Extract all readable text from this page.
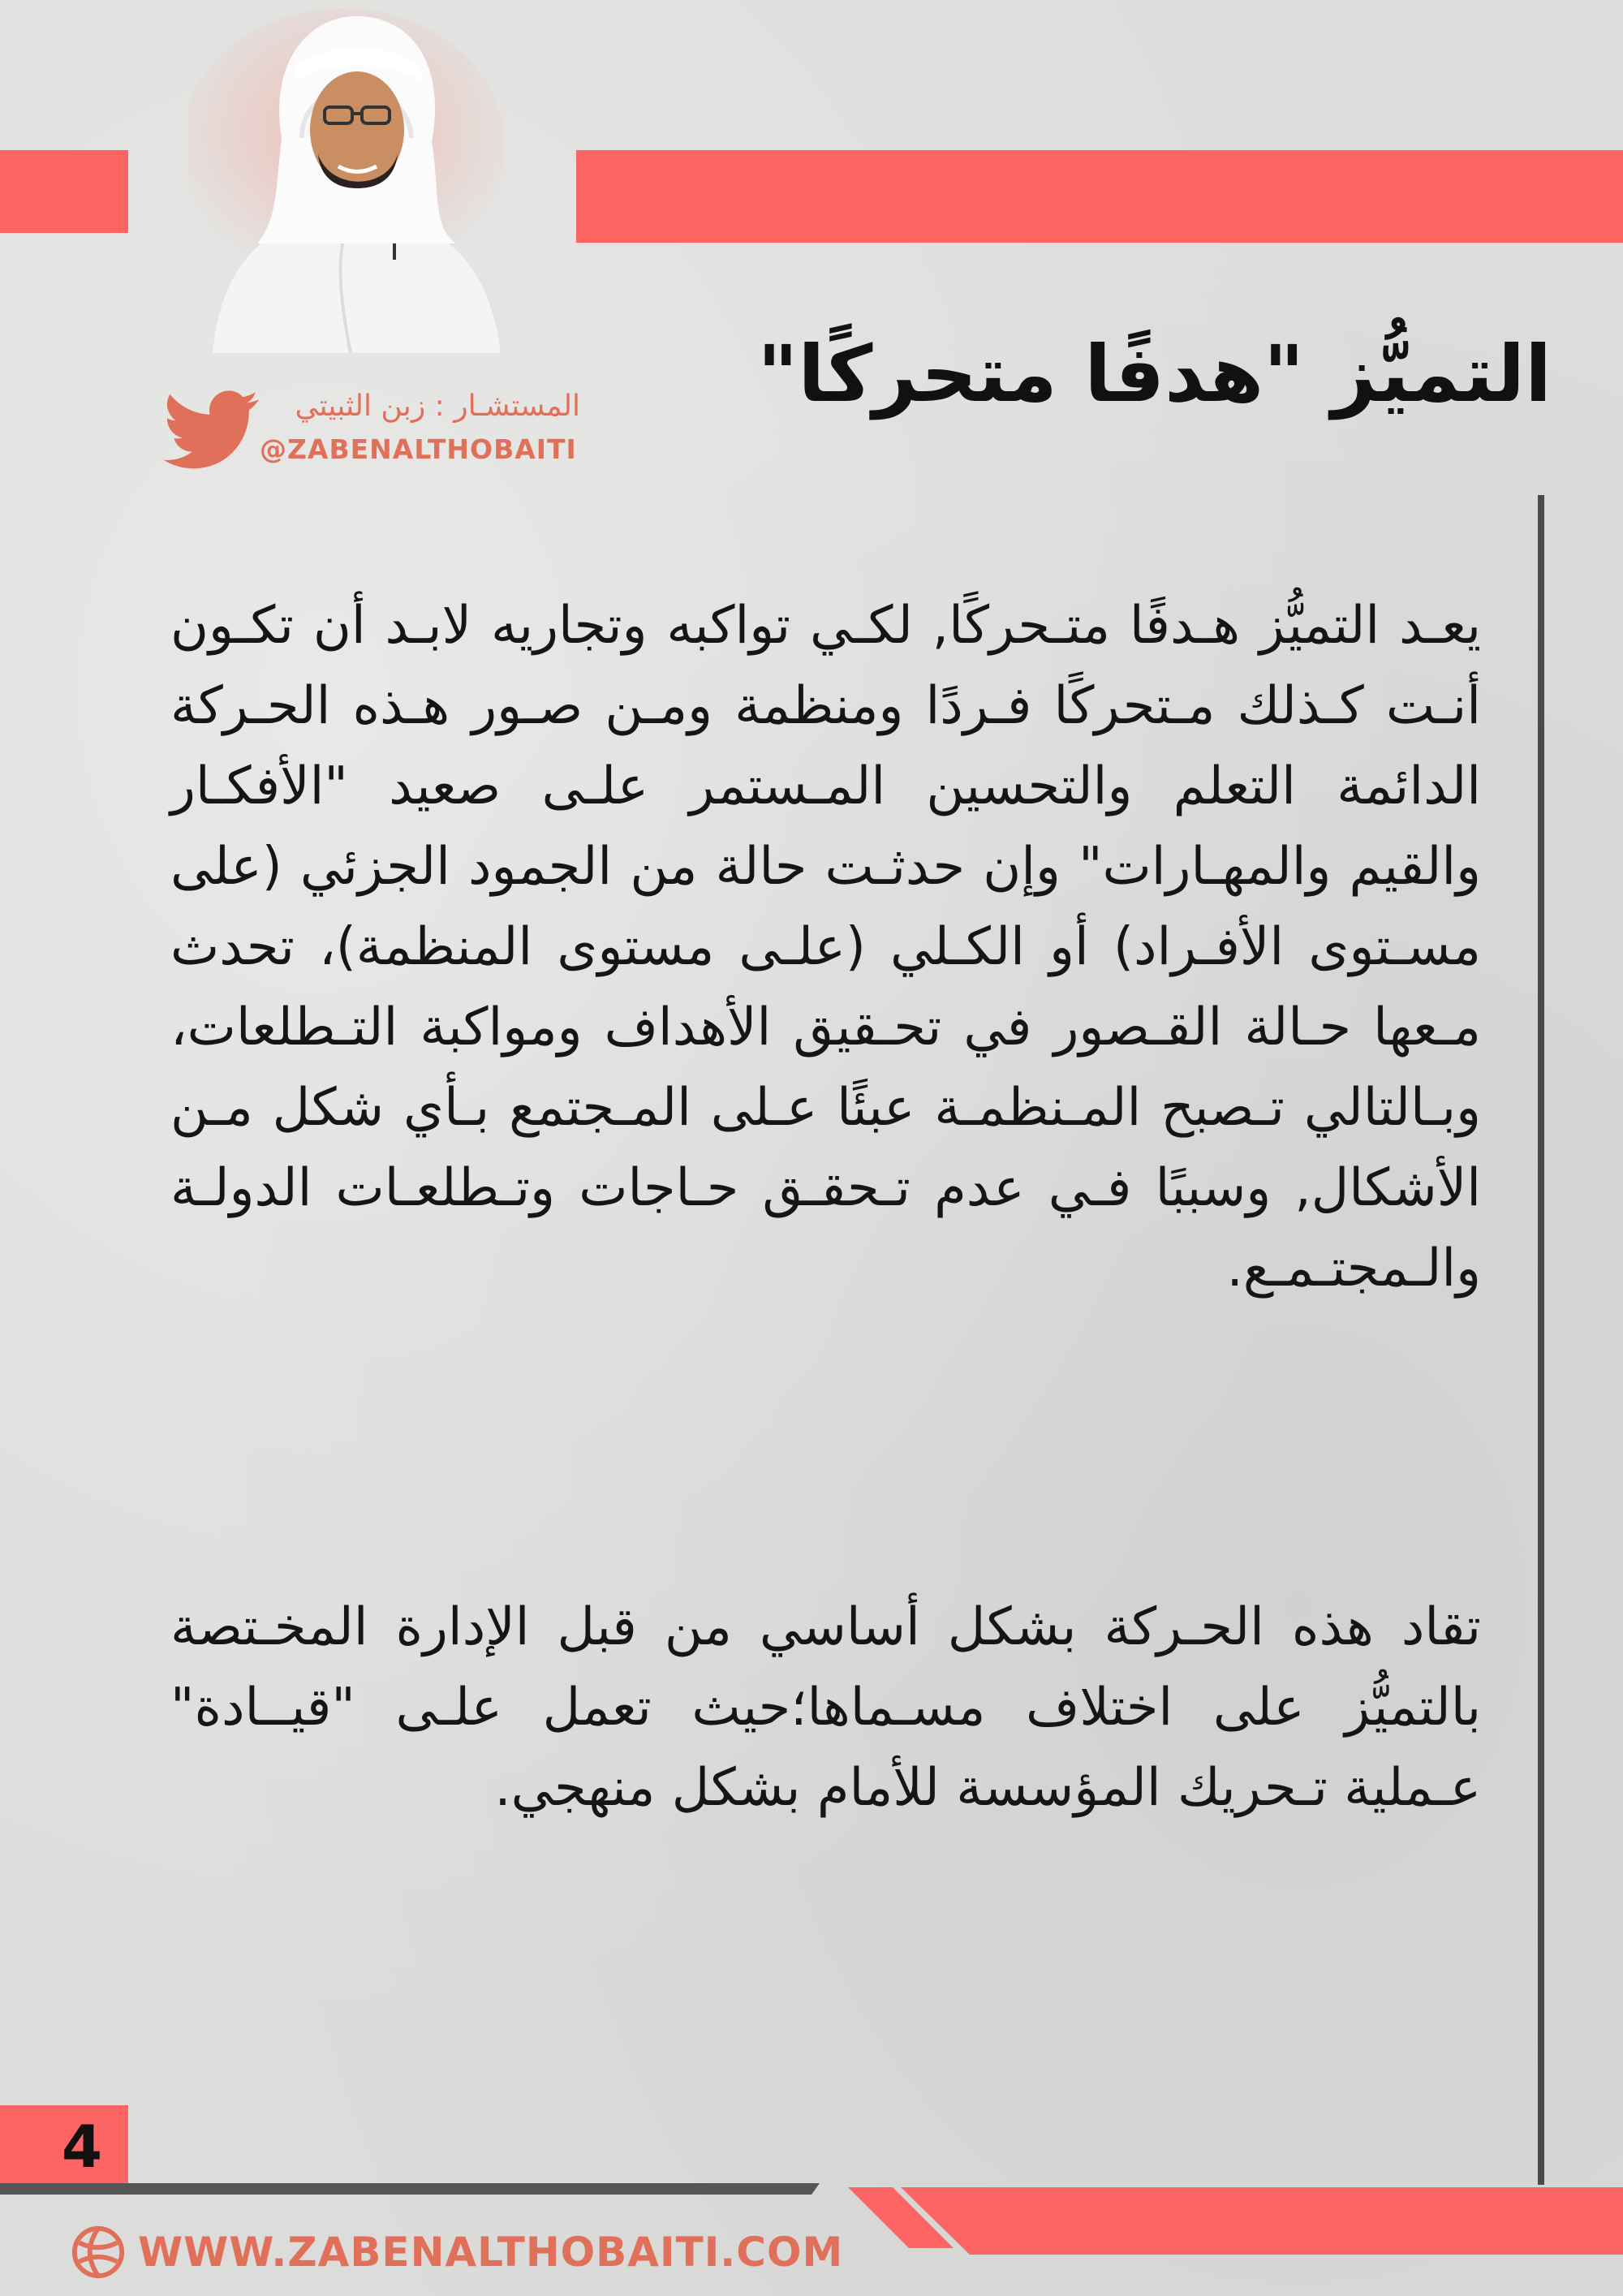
المستشـار : زبن الثبيتي
@ZABENALTHOBAITI
التميُّز "هدفًا متحركًا"

يعـد التميُّز هـدفًا متـحركًا, لكـي تواكبه وتجاريه لابـد أن تكـون أنـت كـذلك مـتحركًا فـردًا ومنظمة ومـن صـور هـذه الحـركة الدائمة التعلم والتحسين المـستمر علـى صعيد "الأفكـار والقيم والمهـارات" وإن حدثـت حالة من الجمود الجزئي (على مسـتوى الأفـراد) أو الكـلي (علـى مستوى المنظمة)، تحدث مـعها حـالة القـصور في تحـقيق الأهداف ومواكبة التـطلعات، وبـالتالي تـصبح المـنظمـة عبئًا عـلى المـجتمع بـأي شكل مـن الأشكال, وسببًا فـي عدم تـحقـق حـاجات وتـطلعـات الدولـة والـمجتـمـع.

تقاد هذه الحـركة بشكل أساسي من قبل الإدارة المخـتصة بالتميُّز على اختلاف مسـماها؛حيث تعمل علـى "قيــادة" عـملية تـحريك المؤسسة للأمام بشكل منهجي.

4
WWW.ZABENALTHOBAITI.COM
